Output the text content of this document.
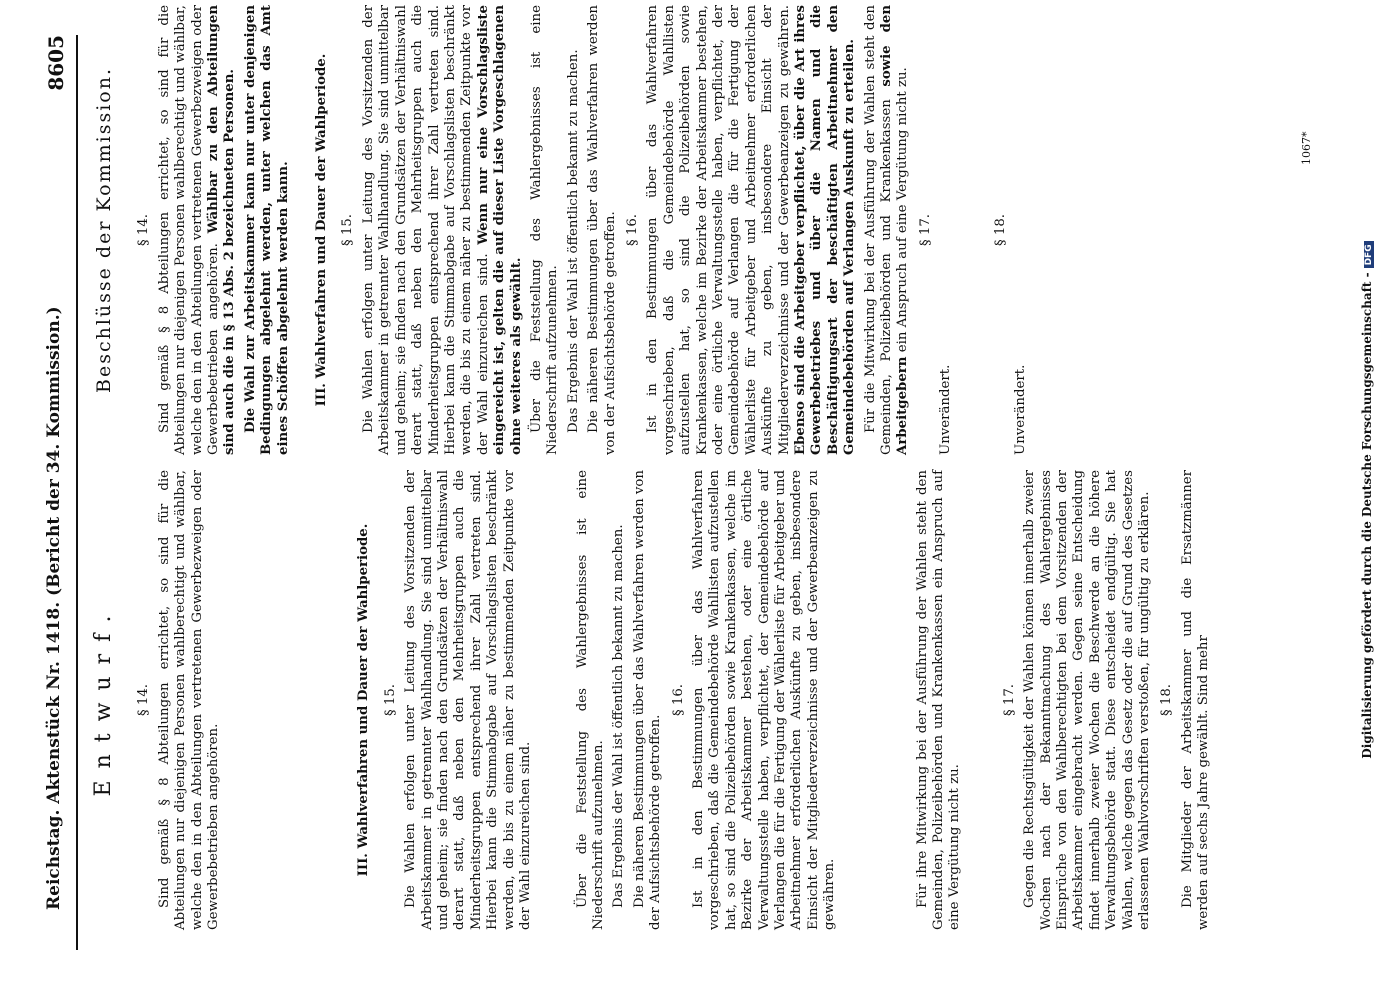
Reichstag. Aktenstück Nr. 1418. (Bericht der 34. Kommission.)
8605
Entwurf. § 14. Sind gemäß § 8 Abteilungen errichtet, so sind für die Abteilungen nur diejenigen Personen wahlberechtigt und wählbar, welche den in den Abteilungen vertretenen Gewerbezweigen oder Gewerbebetrieben angehören.	III. Wahlverfahren und Dauer der Wahlperiode. § 15. Die Wahlen erfolgen unter Leitung des Vorsitzenden der Arbeitskammer in getrennter Wahlhandlung. Sie sind unmittelbar und geheim; sie finden nach den Grundsätzen der Verhältniswahl derart statt, daß neben den Mehrheitsgruppen auch die Minderheitsgruppen entsprechend ihrer Zahl vertreten sind. Hierbei kann die Stimmabgabe auf Vorschlagslisten beschränkt werden, die bis zu einem näher zu bestimmenden Zeitpunkte vor der Wahl einzureichen sind.	Über die Feststellung des Wahlergebnisses ist eine Niederschrift aufzunehmen. Das Ergebnis der Wahl ist öffentlich bekannt zu machen. Die näheren Bestimmungen über das Wahlverfahren werden von der Aufsichtsbehörde getroffen.

§ 16. Ist in den Bestimmungen über das Wahlverfahren vorgeschrieben, daß die Gemeindebehörde Wahllisten aufzustellen hat, so sind die Polizeibehörden sowie Krankenkassen, welche im Bezirke der Arbeitskammer bestehen, oder eine örtliche Verwaltungsstelle haben, verpflichtet, der Gemeindebehörde auf Verlangen die für die Fertigung der Wählerliste für Arbeitgeber und Arbeitnehmer erforderlichen Auskünfte zu geben, insbesondere Einsicht der Mitgliederverzeichnisse und der Gewerbeanzeigen zu gewähren.	Für ihre Mitwirkung bei der Ausführung der Wahlen steht den Gemeinden, Polizeibehörden und Krankenkassen ein Anspruch auf eine Vergütung nicht zu.

§ 17. Gegen die Rechtsgültigkeit der Wahlen können innerhalb zweier Wochen nach der Bekanntmachung des Wahlergebnisses Einsprüche von den Wahlberechtigten bei dem Vorsitzenden der Arbeitskammer eingebracht werden. Gegen seine Entscheidung findet innerhalb zweier Wochen die Beschwerde an die höhere Verwaltungsbehörde statt. Diese entscheidet endgültig. Sie hat Wahlen, welche gegen das Gesetz oder die auf Grund des Gesetzes erlassenen Wahlvorschriften verstoßen, für ungültig zu erklären. § 18. Die Mitglieder der Arbeitskammer und die Ersatzmänner werden auf sechs Jahre gewählt. Sind mehr

Beschlüsse der Kommission. § 14. Sind gemäß § 8 Abteilungen errichtet, so sind für die Abteilungen nur diejenigen Personen wahlberechtigt und wählbar, welche den in den Abteilungen vertretenen Gewerbezweigen oder Gewerbebetrieben angehören. Wählbar zu den Abteilungen sind auch die in § 13 Abs. 2 bezeichneten Personen. Die Wahl zur Arbeitskammer kann nur unter denjenigen Bedingungen abgelehnt werden, unter welchen das Amt eines Schöffen abgelehnt werden kann. III. Wahlverfahren und Dauer der Wahlperiode. § 15. Die Wahlen erfolgen unter Leitung des Vorsitzenden der Arbeitskammer in getrennter Wahlhandlung. Sie sind unmittelbar und geheim; sie finden nach den Grundsätzen der Verhältniswahl derart statt, daß neben den Mehrheitsgruppen auch die Minderheitsgruppen entsprechend ihrer Zahl vertreten sind. Hierbei kann die Stimmabgabe auf Vorschlagslisten beschränkt werden, die bis zu einem näher zu bestimmenden Zeitpunkte vor der Wahl einzureichen sind. Wenn nur eine Vorschlagsliste eingereicht ist, gelten die auf dieser Liste Vorgeschlagenen ohne weiteres als gewählt. Über die Feststellung des Wahlergebnisses ist eine Niederschrift aufzunehmen. Das Ergebnis der Wahl ist öffentlich bekannt zu machen. Die näheren Bestimmungen über das Wahlverfahren werden von der Aufsichtsbehörde getroffen. § 16. Ist in den Bestimmungen über das Wahlverfahren vorgeschrieben, daß die Gemeindebehörde Wahllisten aufzustellen hat, so sind die Polizeibehörden sowie Krankenkassen, welche im Bezirke der Arbeitskammer bestehen, oder eine örtliche Verwaltungsstelle haben, verpflichtet, der Gemeindebehörde auf Verlangen die für die Fertigung der Wählerliste für Arbeitgeber und Arbeitnehmer erforderlichen Auskünfte zu geben, insbesondere Einsicht der Mitgliederverzeichnisse und der Gewerbeanzeigen zu gewähren. Ebenso sind die Arbeitgeber verpflichtet, über die Art ihres Gewerbebetriebes und über die Namen und die Beschäftigungsart der beschäftigten Arbeitnehmer den Gemeindebehörden auf Verlangen Auskunft zu erteilen. Für die Mitwirkung bei der Ausführung der Wahlen steht den Gemeinden, Polizeibehörden und Krankenkassen sowie den Arbeitgebern ein Anspruch auf eine Vergütung nicht zu. § 17.

Unverändert.

§ 18.

Unverändert.

1067*
Digitalisierung gefördert durch die Deutsche Forschungsgemeinschaft -DFG
